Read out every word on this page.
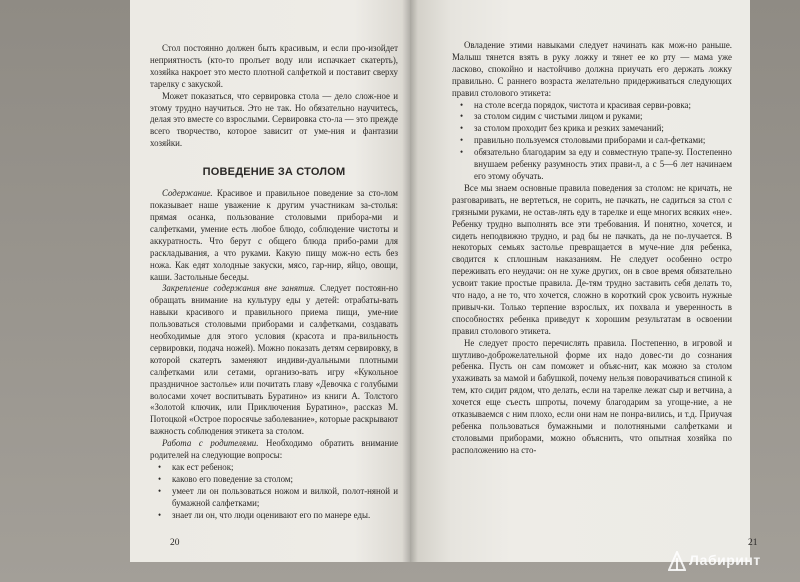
Стол постоянно должен быть красивым, и если про-изойдет неприятность (кто-то пролъет воду или испачкает скатерть), хозяйка накроет это место плотной салфеткой и поставит сверху тарелку с закуской.

Может показаться, что сервировка стола — дело слож-ное и этому трудно научиться. Это не так. Но обязательно научитесь, делая это вместе со взрослыми. Сервировка сто-ла — это прежде всего творчество, которое зависит от уме-ния и фантазии хозяйки.

ПОВЕДЕНИЕ ЗА СТОЛОМ

Содержание. Красивое и правильное поведение за сто-лом показывает наше уважение к другим участникам за-столья: прямая осанка, пользование столовыми прибора-ми и салфетками, умение есть любое блюдо, соблюдение чистоты и аккуратность. Что берут с общего блюда прибо-рами для раскладывания, а что руками. Какую пищу мож-но есть без ножа. Как едят холодные закуски, мясо, гар-нир, яйцо, овощи, каши. Застольные беседы.

Закрепление содержания вне занятия. Следует постоян-но обращать внимание на культуру еды у детей: отрабаты-вать навыки красивого и правильного приема пищи, уме-ние пользоваться столовыми приборами и салфетками, создавать необходимые для этого условия (красота и пра-вильность сервировки, подача ножей). Можно показать детям сервировку, в которой скатерть заменяют индиви-дуальными плотными салфетками или сетами, организо-вать игру «Кукольное праздничное застолье» или почитать главу «Девочка с голубыми волосами хочет воспитывать Буратино» из книги А. Толстого «Золотой ключик, или Приключения Буратино», рассказ М. Потоцкой «Острое поросячье заболевание», которые раскрывают важность соблюдения этикета за столом.

Работа с родителями. Необходимо обратить внимание родителей на следующие вопросы:

• как ест ребенок;
• каково его поведение за столом;
• умеет ли он пользоваться ножом и вилкой, полот-няной и бумажной салфетками;
• знает ли он, что люди оценивают его по манере еды.

Овладение этими навыками следует начинать как мож-но раньше. Малыш тянется взять в руку ложку и тянет ее ко рту — мама уже ласково, спокойно и настойчиво должна приучать его держать ложку правильно. С раннего возраста желательно придерживаться следующих правил столового этикета:

• на столе всегда порядок, чистота и красивая серви-ровка;
• за столом сидим с чистыми лицом и руками;
• за столом проходит без крика и резких замечаний;
• правильно пользуемся столовыми приборами и сал-фетками;
• обязательно благодарим за еду и совместную трапе-зу. Постепенно внушаем ребенку разумность этих прави-л, а с 5—6 лет начинаем его этому обучать.

Все мы знаем основные правила поведения за столом: не кричать, не разговаривать, не вертеться, не сорить, не пачкать, не садиться за стол с грязными руками, не остав-лять еду в тарелке и еще многих всяких «не». Ребенку трудно выполнять все эти требования. И понятно, хочется, и сидеть неподвижно трудно, и рад бы не пачкать, да не по-лучается. В некоторых семьях застолье превращается в мучe-ние для ребенка, сводится к сплошным наказаниям. Не следует особенно остро переживать его неудачи: он не хуже других, он в свое время обязательно усвоит такие простые правила. Де-тям трудно заставить себя делать то, что надо, а не то, что хочется, сложно в короткий срок усвоить нужные привыч-ки. Только терпение взрослых, их похвала и уверенность в способностях ребенка приведут к хорошим результатам в освоении правил столового этикета.

Не следует просто перечислять правила. Постепенно, в игровой и шутливо-доброжелательной форме их надо довес-ти до сознания ребенка. Пусть он сам поможет и объяс-нит, как можно за столом ухаживать за мамой и бабушкой, почему нельзя поворачиваться спиной к тем, кто сидит рядом, что делать, если на тарелке лежат сыр и ветчина, а хочется еще съесть шпроты, почему благодарим за угоще-ние, а не отказываемся с ним плохо, если они нам не понра-вились, и т.д. Приучая ребенка пользоваться бумажными и полотняными салфетками и столовыми приборами, можно объяснить, что опытная хозяйка по расположению на сто-

20	21
Лабиринт
